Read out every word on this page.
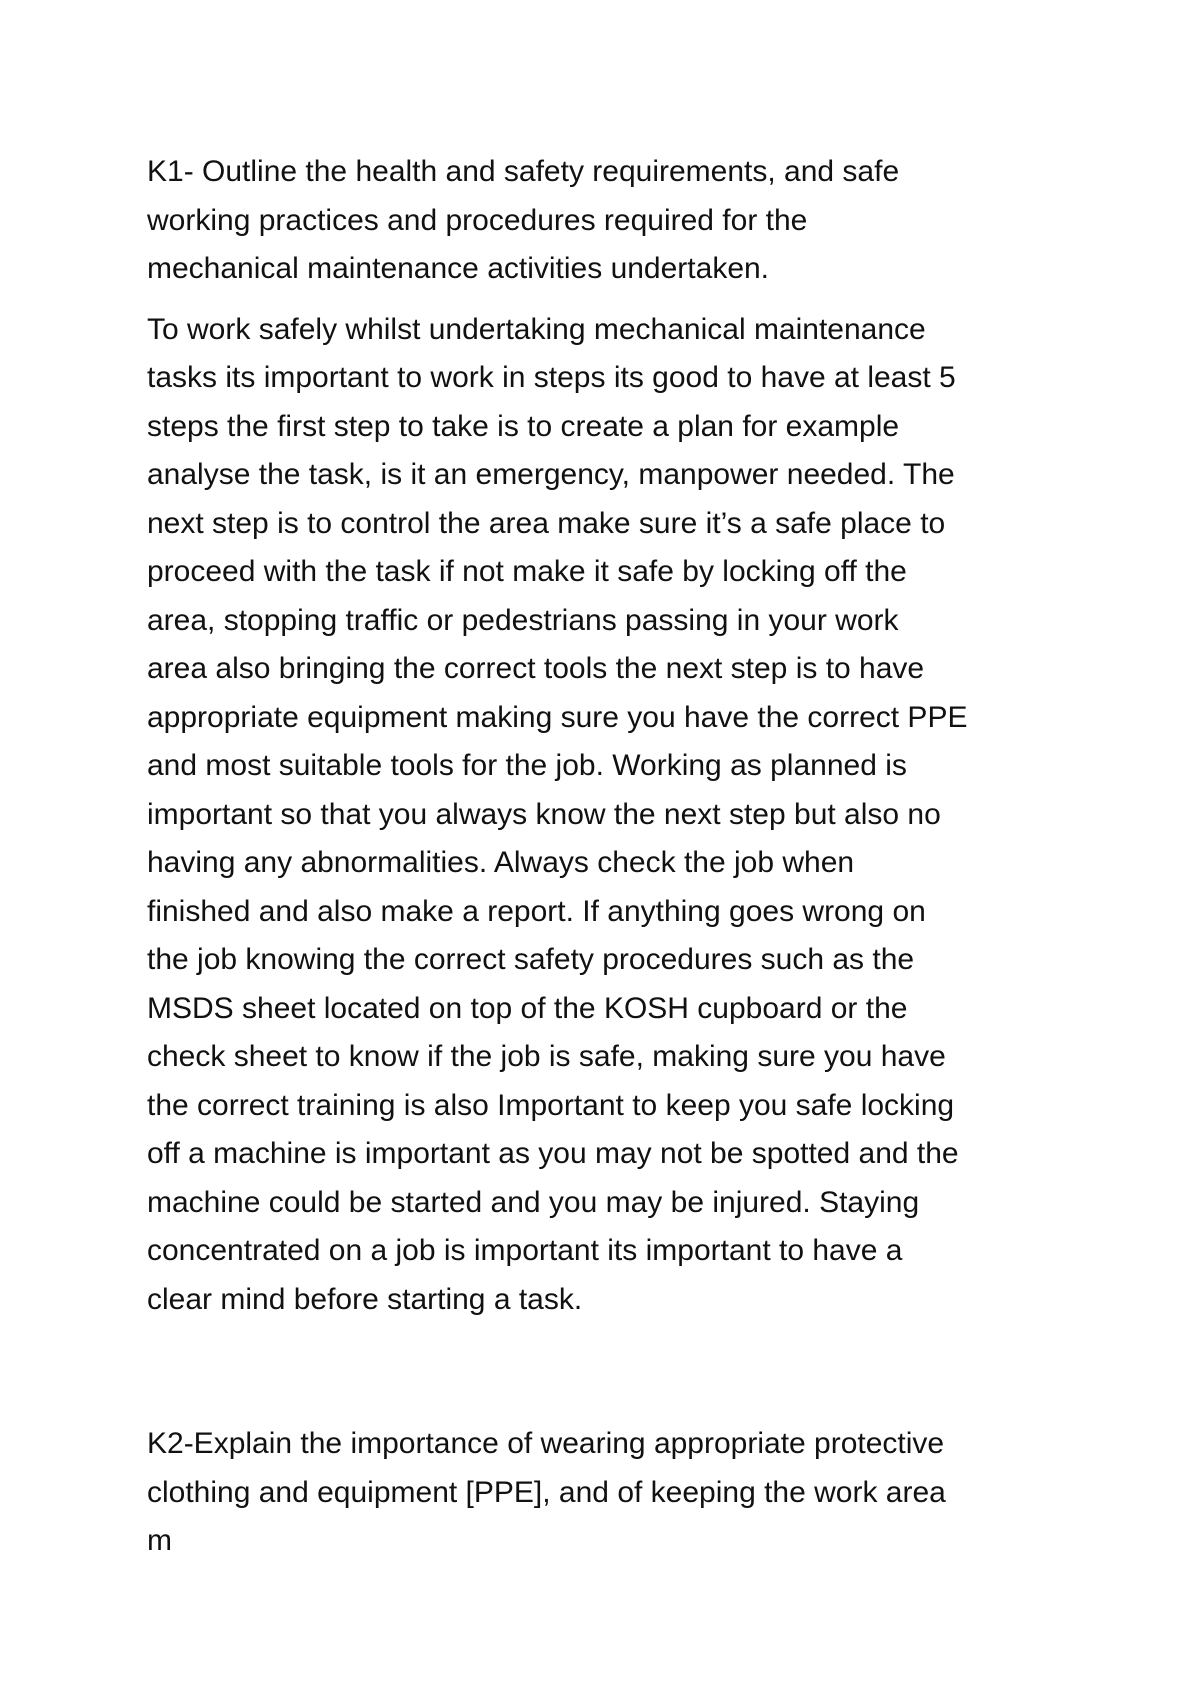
K1- Outline the health and safety requirements, and safe
working practices and procedures required for the
mechanical maintenance activities undertaken.

To work safely whilst undertaking mechanical maintenance
tasks its important to work in steps its good to have at least 5
steps the first step to take is to create a plan for example
analyse the task, is it an emergency, manpower needed. The
next step is to control the area make sure it’s a safe place to
proceed with the task if not make it safe by locking off the
area, stopping traffic or pedestrians passing in your work
area also bringing the correct tools the next step is to have
appropriate equipment making sure you have the correct PPE
and most suitable tools for the job. Working as planned is
important so that you always know the next step but also no
having any abnormalities. Always check the job when
finished and also make a report. If anything goes wrong on
the job knowing the correct safety procedures such as the
MSDS sheet located on top of the KOSH cupboard or the
check sheet to know if the job is safe, making sure you have
the correct training is also Important to keep you safe locking
off a machine is important as you may not be spotted and the
machine could be started and you may be injured. Staying
concentrated on a job is important its important to have a
clear mind before starting a task.

K2-Explain the importance of wearing appropriate protective
clothing and equipment [PPE], and of keeping the work area
m
